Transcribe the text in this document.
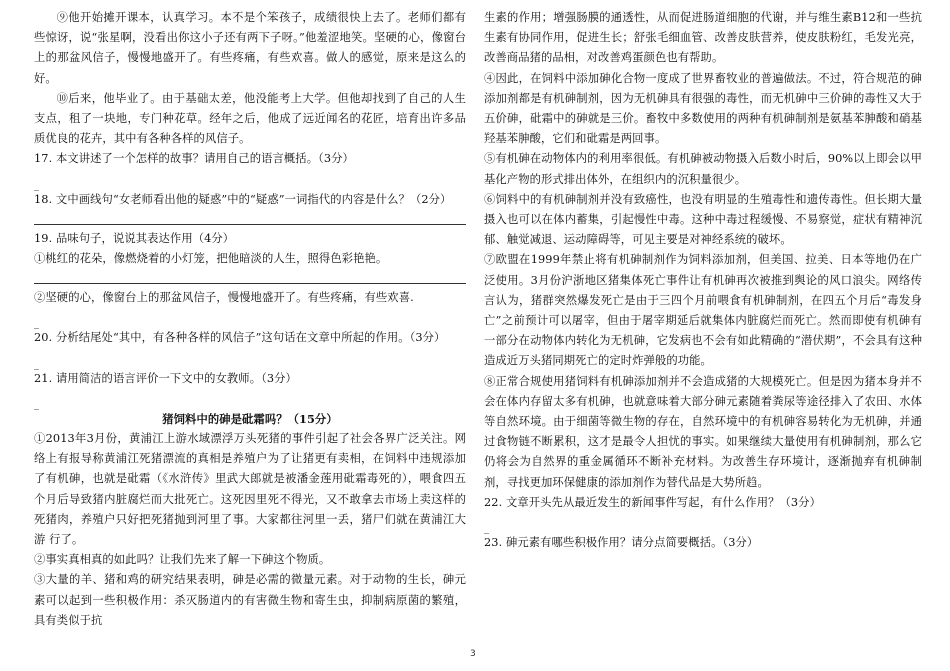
⑨他开始摊开课本，认真学习。本不是个笨孩子，成绩很快上去了。老师们都有些惊讶，说“张星啊，没看出你这小子还有两下子呀。”他羞涩地笑。坚硬的心，像窗台上的那盆风信子，慢慢地盛开了。有些疼痛，有些欢喜。做人的感觉，原来是这么的好。

⑩后来，他毕业了。由于基础太差，他没能考上大学。但他却找到了自己的人生支点，租了一块地，专门种花草。经年之后，他成了远近闻名的花匠，培育出许多品质优良的花卉，其中有各种各样的风信子。

17. 本文讲述了一个怎样的故事？请用自己的语言概括。（3分）

_

18. 文中画线句“女老师看出他的疑惑”中的“疑惑”一词指代的内容是什么？（2分）

19. 品味句子，说说其表达作用（4分）

①桃红的花朵，像燃烧着的小灯笼，把他暗淡的人生，照得色彩艳艳。

②坚硬的心，像窗台上的那盆风信子，慢慢地盛开了。有些疼痛，有些欢喜.

_

20. 分析结尾处“其中，有各种各样的风信子”这句话在文章中所起的作用。（3分）

_

21. 请用简洁的语言评价一下文中的女教师。（3分）

_

猪饲料中的砷是砒霜吗？（15分）

①2013年3月份，黄浦江上游水域漂浮万头死猪的事件引起了社会各界广泛关注。网络上有报导称黄浦江死猪漂流的真相是养殖户为了让猪更有卖相，在饲料中违规添加了有机砷，也就是砒霜（《水浒传》里武大郎就是被潘金莲用砒霜毒死的），喂食四五个月后导致猪内脏腐烂而大批死亡。这死因里死不得光，又不敢拿去市场上卖这样的死猪肉，养殖户只好把死猪抛到河里了事。大家都往河里一丢，猪尸们就在黄浦江大 游 行了。

②事实真相真的如此吗？让我们先来了解一下砷这个物质。

③大量的羊、猪和鸡的研究结果表明，砷是必需的微量元素。对于动物的生长，砷元素可以起到一些积极作用：杀灭肠道内的有害微生物和寄生虫，抑制病原菌的繁殖，具有类似于抗

生素的作用；增强肠膜的通透性，从而促进肠道细胞的代谢，并与维生素B12和一些抗生素有协同作用，促进生长；舒张毛细血管、改善皮肤营养，使皮肤粉红，毛发光亮，改善商品猪的品相，对改善鸡蛋颜色也有帮助。

④因此，在饲料中添加砷化合物一度成了世界畜牧业的普遍做法。不过，符合规范的砷添加剂都是有机砷制剂，因为无机砷具有很强的毒性，而无机砷中三价砷的毒性又大于五价砷，砒霜中的砷就是三价。畜牧中多数使用的两种有机砷制剂是氨基苯胂酸和硝基羟基苯胂酸，它们和砒霜是两回事。

⑤有机砷在动物体内的利用率很低。有机砷被动物摄入后数小时后，90%以上即会以甲基化产物的形式排出体外，在组织内的沉积量很少。

⑥饲料中的有机砷制剂并没有致癌性，也没有明显的生殖毒性和遗传毒性。但长期大量摄入也可以在体内蓄集，引起慢性中毒。这种中毒过程缓慢、不易察觉，症状有精神沉郁、触觉减退、运动障碍等，可见主要是对神经系统的破坏。

⑦欧盟在1999年禁止将有机砷制剂作为饲料添加剂，但美国、拉美、日本等地仍在广泛使用。3月份沪浙地区猪集体死亡事件让有机砷再次被推到舆论的风口浪尖。网络传言认为，猪群突然爆发死亡是由于三四个月前喂食有机砷制剂，在四五个月后“毒发身亡”之前预计可以屠宰，但由于屠宰期延后就集体内脏腐烂而死亡。然而即使有机砷有一部分在动物体内转化为无机砷，它发病也不会有如此精确的“潜伏期”，不会具有这种造成近万头猪同期死亡的定时炸弹般的功能。

⑧正常合规使用猪饲料有机砷添加剂并不会造成猪的大规模死亡。但是因为猪本身并不会在体内存留太多有机砷，也就意味着大部分砷元素随着粪尿等途径排入了农田、水体等自然环境。由于细菌等微生物的存在，自然环境中的有机砷容易转化为无机砷，并通过食物链不断累积，这才是最令人担忧的事实。如果继续大量使用有机砷制剂，那么它仍将会为自然界的重金属循环不断补充材料。为改善生存环境计，逐渐抛弃有机砷制剂，寻找更加环保健康的添加剂作为替代品是大势所趋。

22. 文章开头先从最近发生的新闻事件写起，有什么作用？（3分）

_

23. 砷元素有哪些积极作用？请分点简要概括。（3分）

3
